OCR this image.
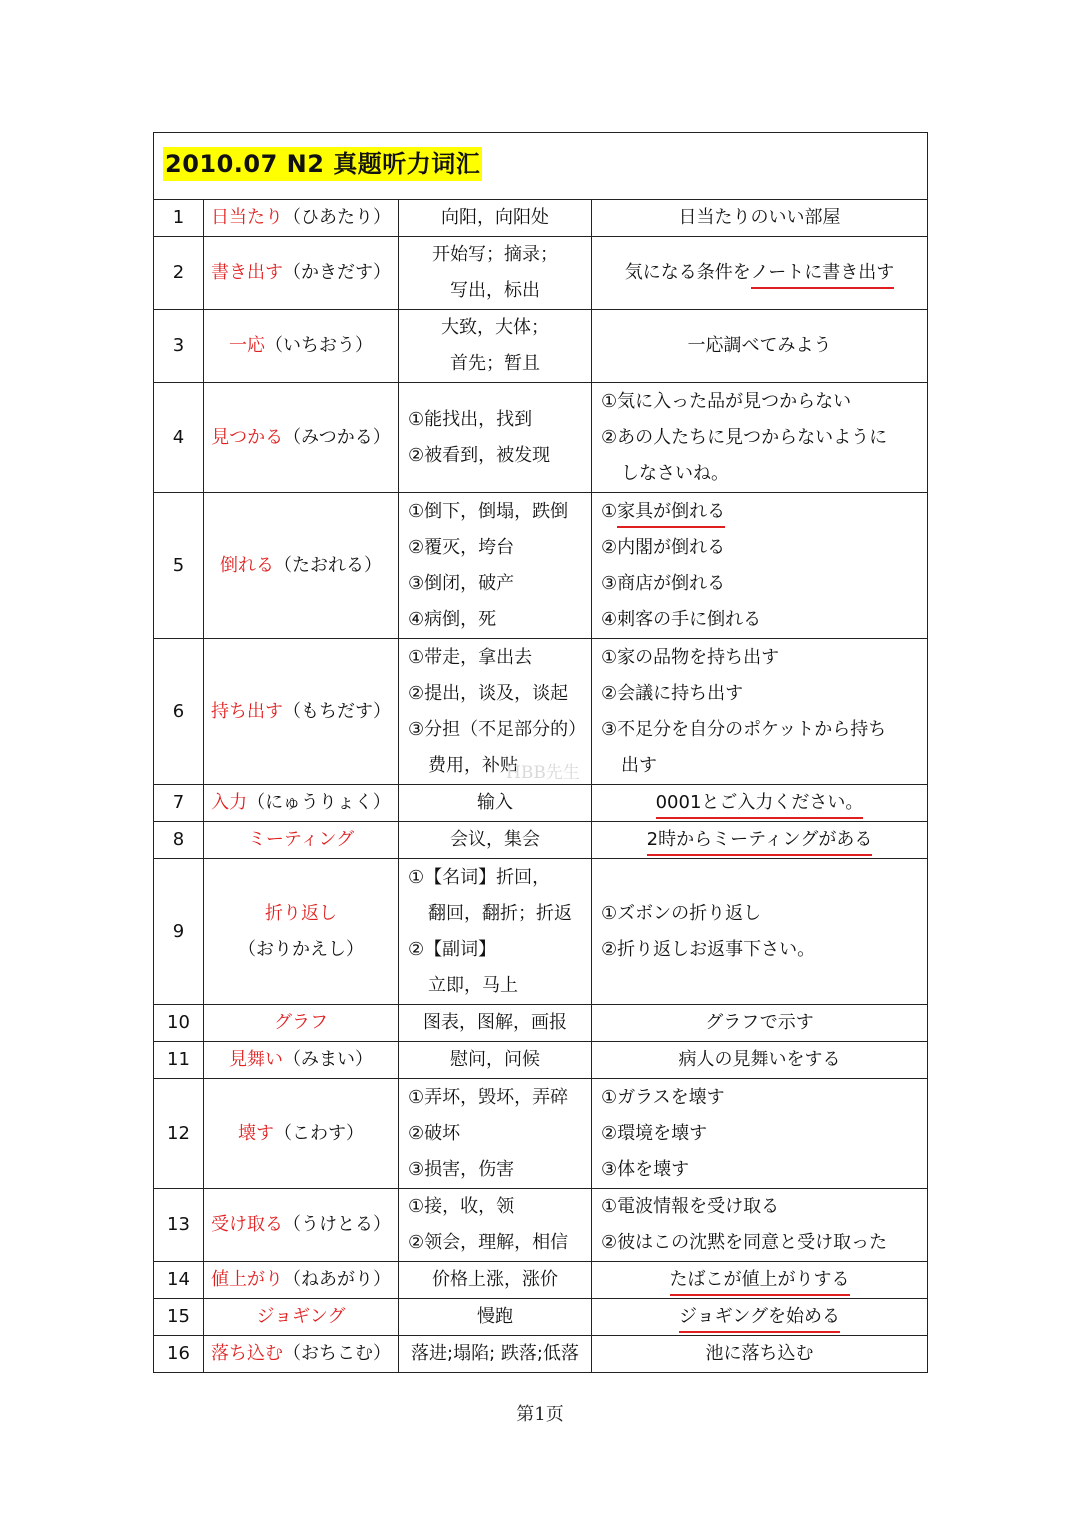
2010.07 N2 真题听力词汇			
1	日当たり（ひあたり）	向阳，向阳处	日当たりのいい部屋

2	書き出す（かきだす）	开始写；摘录；
写出，标出	気になる条件をノートに書き出す

3	一応（いちおう）	大致，大体；
首先；暂且	一応調べてみよう

4	見つかる（みつかる）	①能找出，找到
②被看到，被发现	①気に入った品が見つからない
②あの人たちに見つからないように
しなさいね。

5	倒れる（たおれる）	①倒下，倒塌，跌倒
②覆灭，垮台
③倒闭，破产
④病倒，死	①家具が倒れる
②内閣が倒れる
③商店が倒れる
④刺客の手に倒れる

6	持ち出す（もちだす）	①带走，拿出去
②提出，谈及，谈起
③分担（不足部分的）
费用，补贴	①家の品物を持ち出す
②会議に持ち出す
③不足分を自分のポケットから持ち
出す

7	入力（にゅうりょく）	输入	0001とご入力ください。

8	ミーティング	会议，集会	2時からミーティングがある

9	折り返し
（おりかえし）	①【名词】折回，
翻回，翻折；折返
②【副词】
立即，马上	①ズボンの折り返し
②折り返しお返事下さい。

10	グラフ	图表，图解，画报	グラフで示す

11	見舞い（みまい）	慰问，问候	病人の見舞いをする

12	壊す（こわす）	①弄坏，毁坏，弄碎
②破坏
③损害，伤害	①ガラスを壊す
②環境を壊す
③体を壊す

13	受け取る（うけとる）	①接，收，领
②领会，理解，相信	①電波情報を受け取る
②彼はこの沈黙を同意と受け取った

14	値上がり（ねあがり）	价格上涨，涨价	たばこが値上がりする

15	ジョギング	慢跑	ジョギングを始める

16	落ち込む（おちこむ）	落进;塌陷; 跌落;低落	池に落ち込む
HBB先生
第1页
